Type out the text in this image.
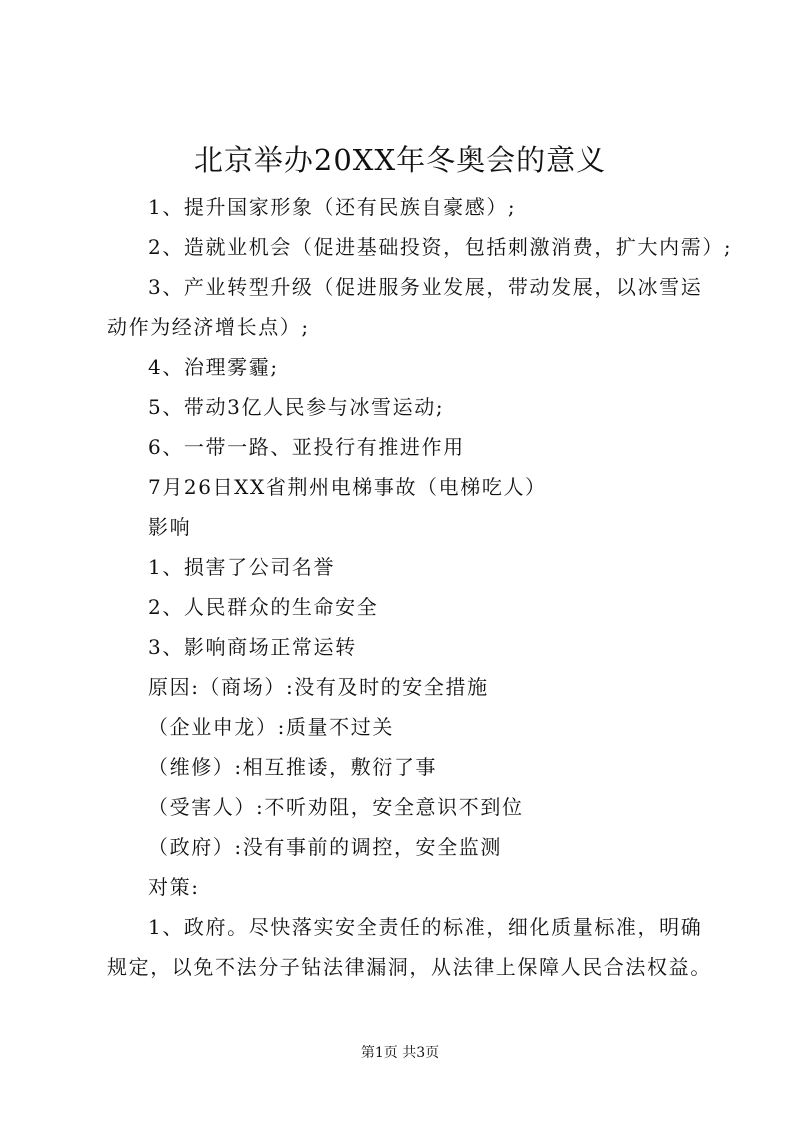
北京举办20XX年冬奥会的意义
1、提升国家形象（还有民族自豪感）;
2、造就业机会（促进基础投资，包括刺激消费，扩大内需）;
3、产业转型升级（促进服务业发展，带动发展，以冰雪运
动作为经济增长点）;
4、治理雾霾;
5、带动3亿人民参与冰雪运动;
6、一带一路、亚投行有推进作用
7月26日XX省荆州电梯事故（电梯吃人）
影响
1、损害了公司名誉
2、人民群众的生命安全
3、影响商场正常运转
原因:（商场）:没有及时的安全措施
（企业申龙）:质量不过关
（维修）:相互推诿，敷衍了事
（受害人）:不听劝阻，安全意识不到位
（政府）:没有事前的调控，安全监测
对策:
1、政府。尽快落实安全责任的标准，细化质量标准，明确
规定，以免不法分子钻法律漏洞，从法律上保障人民合法权益。
第1页 共3页
